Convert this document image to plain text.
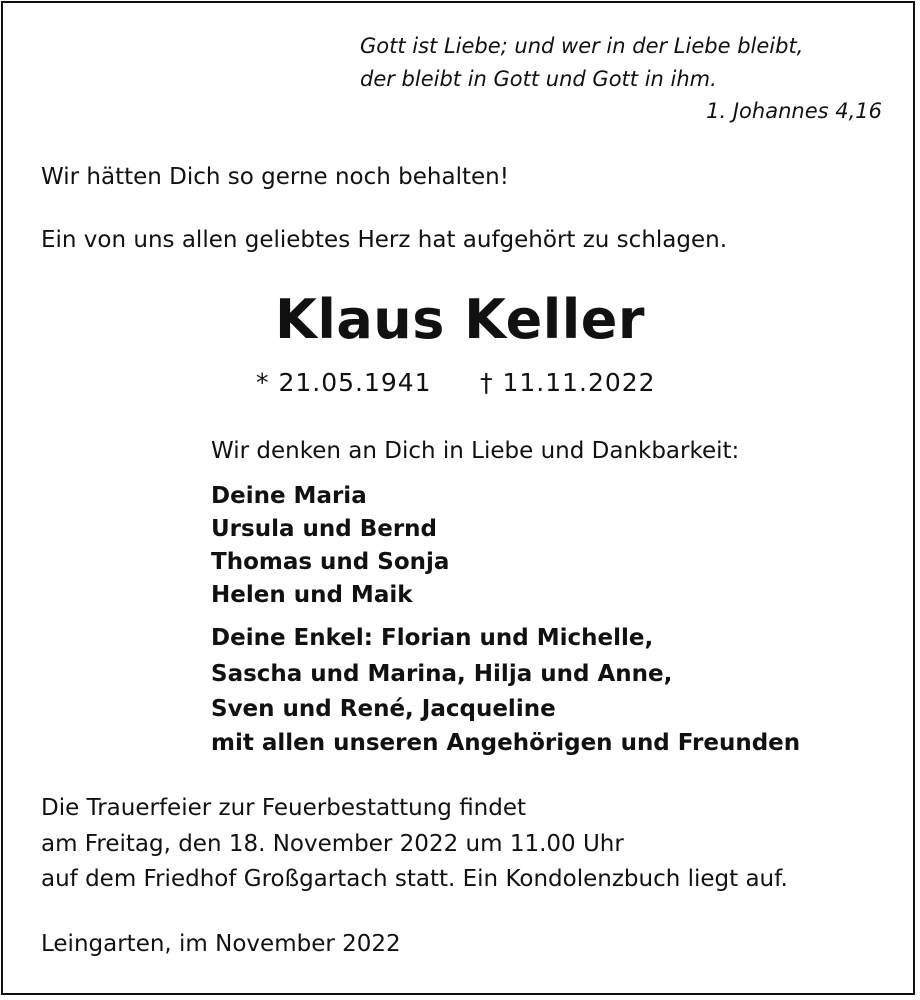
Gott ist Liebe; und wer in der Liebe bleibt,
der bleibt in Gott und Gott in ihm.
1. Johannes 4,16
Wir hätten Dich so gerne noch behalten!
Ein von uns allen geliebtes Herz hat aufgehört zu schlagen.
Klaus Keller
* 21.05.1941 † 11.11.2022
Wir denken an Dich in Liebe und Dankbarkeit:
Deine Maria
Ursula und Bernd
Thomas und Sonja
Helen und Maik
Deine Enkel: Florian und Michelle,
Sascha und Marina, Hilja und Anne,
Sven und René, Jacqueline
mit allen unseren Angehörigen und Freunden
Die Trauerfeier zur Feuerbestattung findet
am Freitag, den 18. November 2022 um 11.00 Uhr
auf dem Friedhof Großgartach statt. Ein Kondolenzbuch liegt auf.
Leingarten, im November 2022
